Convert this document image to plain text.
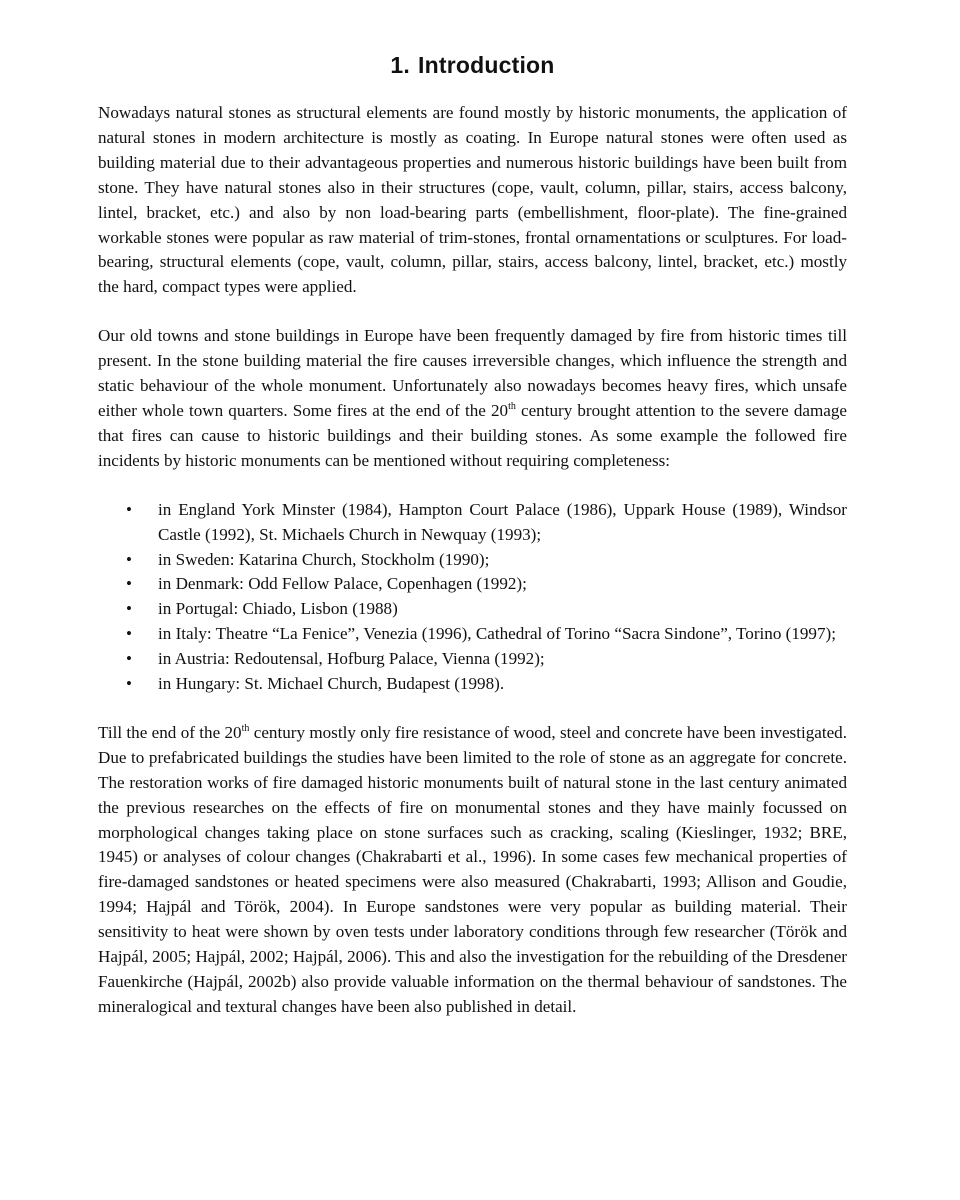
1. Introduction

Nowadays natural stones as structural elements are found mostly by historic monuments, the application of natural stones in modern architecture is mostly as coating. In Europe natural stones were often used as building material due to their advantageous properties and numerous historic buildings have been built from stone. They have natural stones also in their structures (cope, vault, column, pillar, stairs, access balcony, lintel, bracket, etc.) and also by non load-bearing parts (embellishment, floor-plate). The fine-grained workable stones were popular as raw material of trim-stones, frontal ornamentations or sculptures. For load-bearing, structural elements (cope, vault, column, pillar, stairs, access balcony, lintel, bracket, etc.) mostly the hard, compact types were applied.

Our old towns and stone buildings in Europe have been frequently damaged by fire from historic times till present. In the stone building material the fire causes irreversible changes, which influence the strength and static behaviour of the whole monument. Unfortunately also nowadays becomes heavy fires, which unsafe either whole town quarters. Some fires at the end of the 20th century brought attention to the severe damage that fires can cause to historic buildings and their building stones. As some example the followed fire incidents by historic monuments can be mentioned without requiring completeness:

• in England York Minster (1984), Hampton Court Palace (1986), Uppark House (1989), Windsor Castle (1992), St. Michaels Church in Newquay (1993);
• in Sweden: Katarina Church, Stockholm (1990);
• in Denmark: Odd Fellow Palace, Copenhagen (1992);
• in Portugal: Chiado, Lisbon (1988)
• in Italy: Theatre “La Fenice”, Venezia (1996), Cathedral of Torino “Sacra Sindone”, Torino (1997);
• in Austria: Redoutensal, Hofburg Palace, Vienna (1992);
• in Hungary: St. Michael Church, Budapest (1998).

Till the end of the 20th century mostly only fire resistance of wood, steel and concrete have been investigated. Due to prefabricated buildings the studies have been limited to the role of stone as an aggregate for concrete. The restoration works of fire damaged historic monuments built of natural stone in the last century animated the previous researches on the effects of fire on monumental stones and they have mainly focussed on morphological changes taking place on stone surfaces such as cracking, scaling (Kieslinger, 1932; BRE, 1945) or analyses of colour changes (Chakrabarti et al., 1996). In some cases few mechanical properties of fire-damaged sandstones or heated specimens were also measured (Chakrabarti, 1993; Allison and Goudie, 1994; Hajpál and Török, 2004). In Europe sandstones were very popular as building material. Their sensitivity to heat were shown by oven tests under laboratory conditions through few researcher (Török and Hajpál, 2005; Hajpál, 2002; Hajpál, 2006). This and also the investigation for the rebuilding of the Dresdener Fauenkirche (Hajpál, 2002b) also provide valuable information on the thermal behaviour of sandstones. The mineralogical and textural changes have been also published in detail.
